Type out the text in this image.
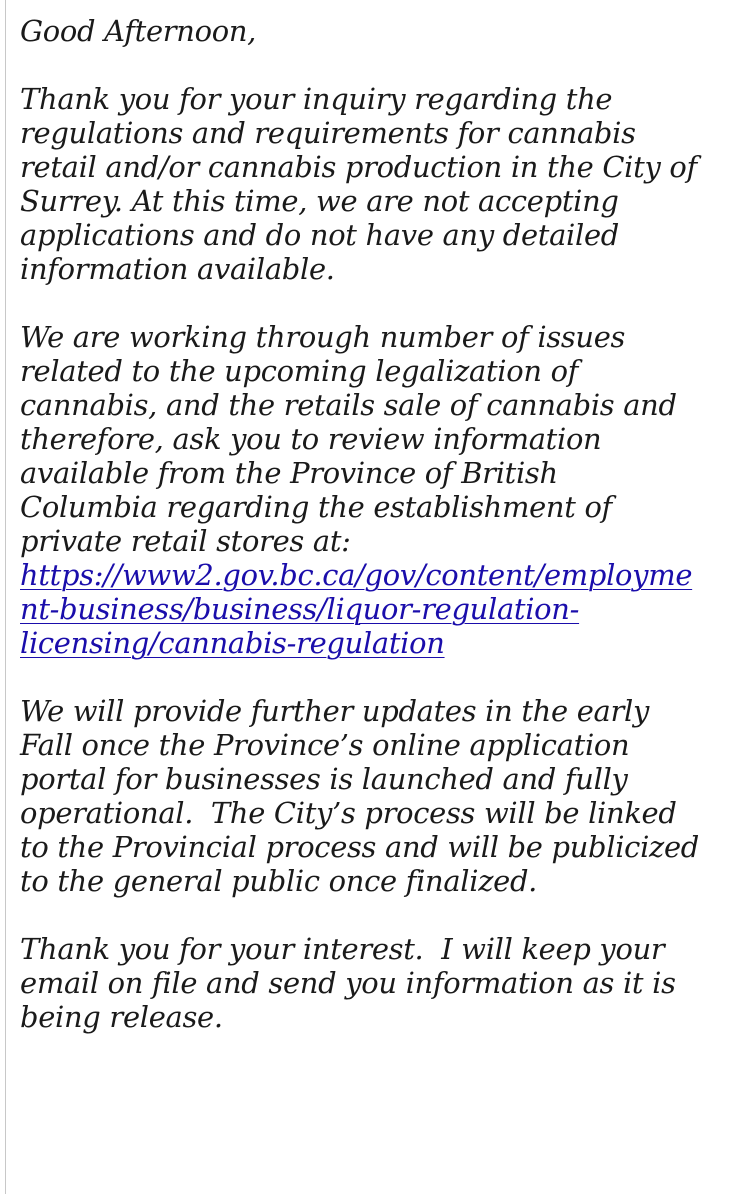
Good Afternoon,
Thank you for your inquiry regarding the
regulations and requirements for cannabis
retail and/or cannabis production in the City of
Surrey. At this time, we are not accepting
applications and do not have any detailed
information available.
We are working through number of issues
related to the upcoming legalization of
cannabis, and the retails sale of cannabis and
therefore, ask you to review information
available from the Province of British
Columbia regarding the establishment of
private retail stores at:
https://www2.gov.bc.ca/gov/content/employme
nt-business/business/liquor-regulation-
licensing/cannabis-regulation
We will provide further updates in the early
Fall once the Province’s online application
portal for businesses is launched and fully
operational.  The City’s process will be linked
to the Provincial process and will be publicized
to the general public once finalized.
Thank you for your interest.  I will keep your
email on file and send you information as it is
being release.
